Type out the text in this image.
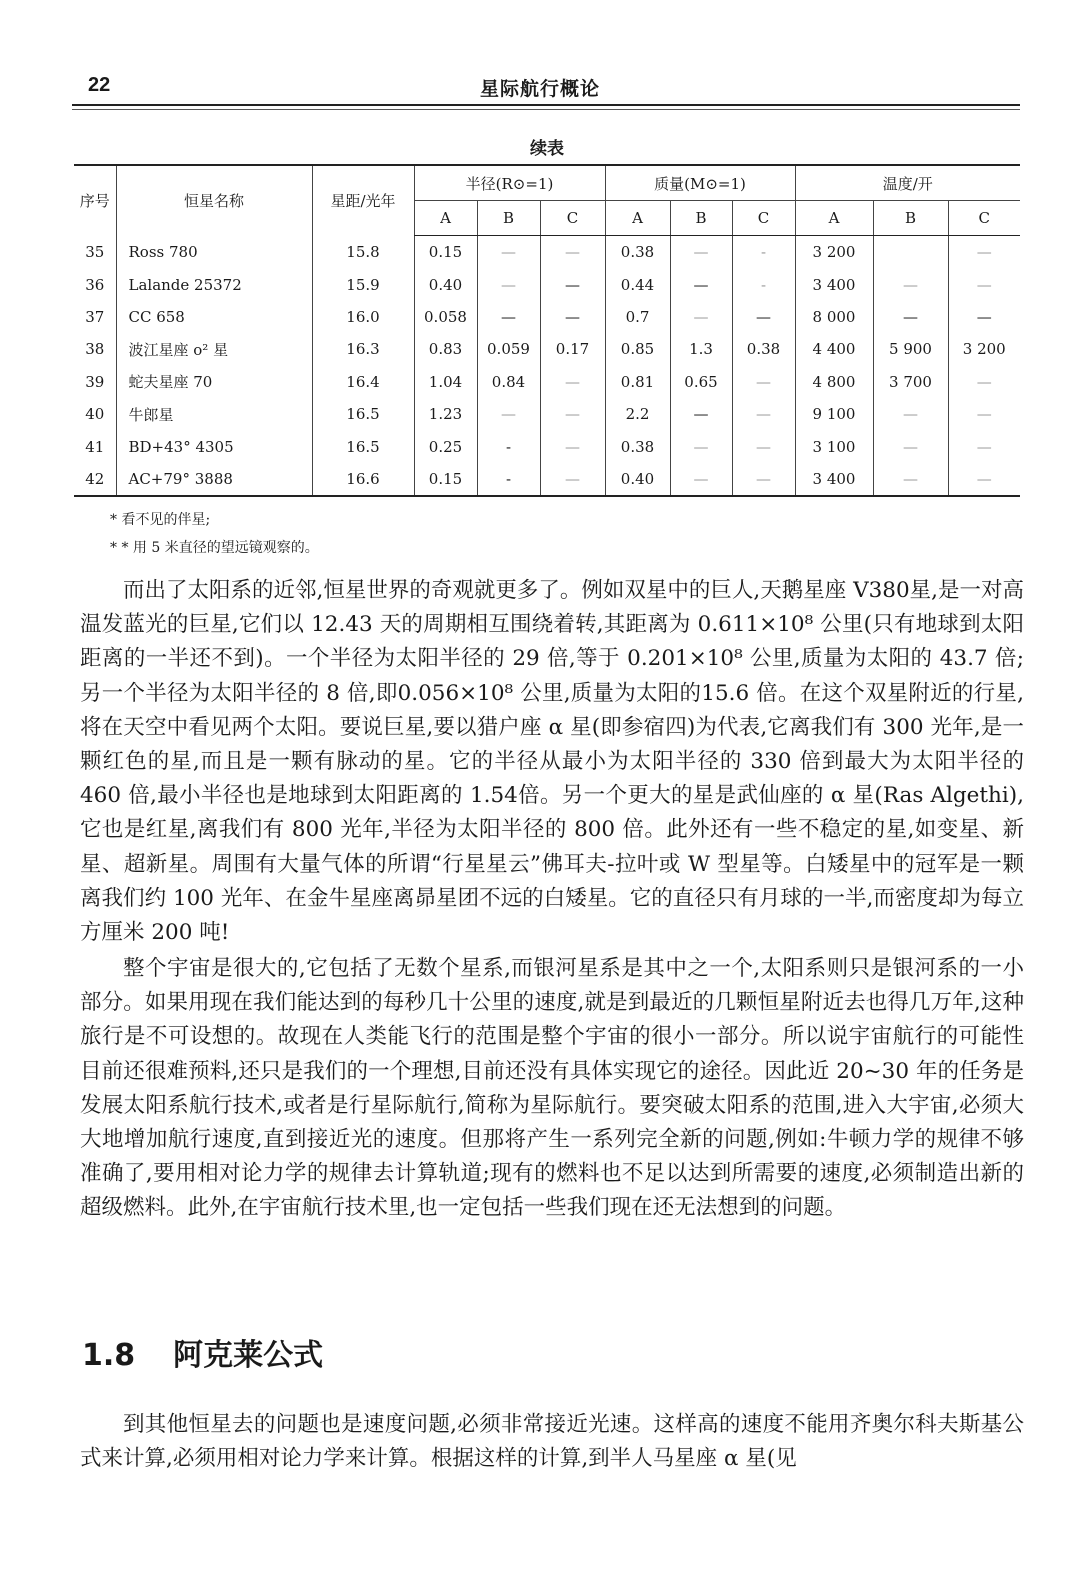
22	星际航行概论
续表
序号	恒星名称	星距/光年	半径(R⊙=1)			质量(M⊙=1)			温度/开		
			A	B	C	A	B	C	A	B	C
35	Ross 780	15.8	0.15	—	—	0.38	—	-	3 200		—
36	Lalande 25372	15.9	0.40	—	—	0.44	—	-	3 400	—	—
37	CC 658	16.0	0.058	—	—	0.7	—	—	8 000	—	—
38	波江星座 o² 星	16.3	0.83	0.059	0.17	0.85	1.3	0.38	4 400	5 900	3 200
39	蛇夫星座 70	16.4	1.04	0.84	—	0.81	0.65	—	4 800	3 700	—
40	牛郎星	16.5	1.23	—	—	2.2	—	—	9 100	—	—
41	BD+43° 4305	16.5	0.25	-	—	0.38	—	—	3 100	—	—
42	AC+79° 3888	16.6	0.15	-	—	0.40	—	—	3 400	—	—
* 看不见的伴星;
* * 用 5 米直径的望远镜观察的。

而出了太阳系的近邻,恒星世界的奇观就更多了。例如双星中的巨人,天鹅星座 V380星,是一对高温发蓝光的巨星,它们以 12.43 天的周期相互围绕着转,其距离为 0.611×10⁸ 公里(只有地球到太阳距离的一半还不到)。一个半径为太阳半径的 29 倍,等于 0.201×10⁸ 公里,质量为太阳的 43.7 倍;另一个半径为太阳半径的 8 倍,即0.056×10⁸ 公里,质量为太阳的15.6 倍。在这个双星附近的行星,将在天空中看见两个太阳。要说巨星,要以猎户座 α 星(即参宿四)为代表,它离我们有 300 光年,是一颗红色的星,而且是一颗有脉动的星。它的半径从最小为太阳半径的 330 倍到最大为太阳半径的 460 倍,最小半径也是地球到太阳距离的 1.54倍。另一个更大的星是武仙座的 α 星(Ras Algethi),它也是红星,离我们有 800 光年,半径为太阳半径的 800 倍。此外还有一些不稳定的星,如变星、新星、超新星。周围有大量气体的所谓“行星星云”佛耳夫-拉叶或 W 型星等。白矮星中的冠军是一颗离我们约 100 光年、在金牛星座离昴星团不远的白矮星。它的直径只有月球的一半,而密度却为每立方厘米 200 吨!

整个宇宙是很大的,它包括了无数个星系,而银河星系是其中之一个,太阳系则只是银河系的一小部分。如果用现在我们能达到的每秒几十公里的速度,就是到最近的几颗恒星附近去也得几万年,这种旅行是不可设想的。故现在人类能飞行的范围是整个宇宙的很小一部分。所以说宇宙航行的可能性目前还很难预料,还只是我们的一个理想,目前还没有具体实现它的途径。因此近 20~30 年的任务是发展太阳系航行技术,或者是行星际航行,简称为星际航行。要突破太阳系的范围,进入大宇宙,必须大大地增加航行速度,直到接近光的速度。但那将产生一系列完全新的问题,例如:牛顿力学的规律不够准确了,要用相对论力学的规律去计算轨道;现有的燃料也不足以达到所需要的速度,必须制造出新的超级燃料。此外,在宇宙航行技术里,也一定包括一些我们现在还无法想到的问题。

1.8 阿克莱公式

到其他恒星去的问题也是速度问题,必须非常接近光速。这样高的速度不能用齐奥尔科夫斯基公式来计算,必须用相对论力学来计算。根据这样的计算,到半人马星座 α 星(见
